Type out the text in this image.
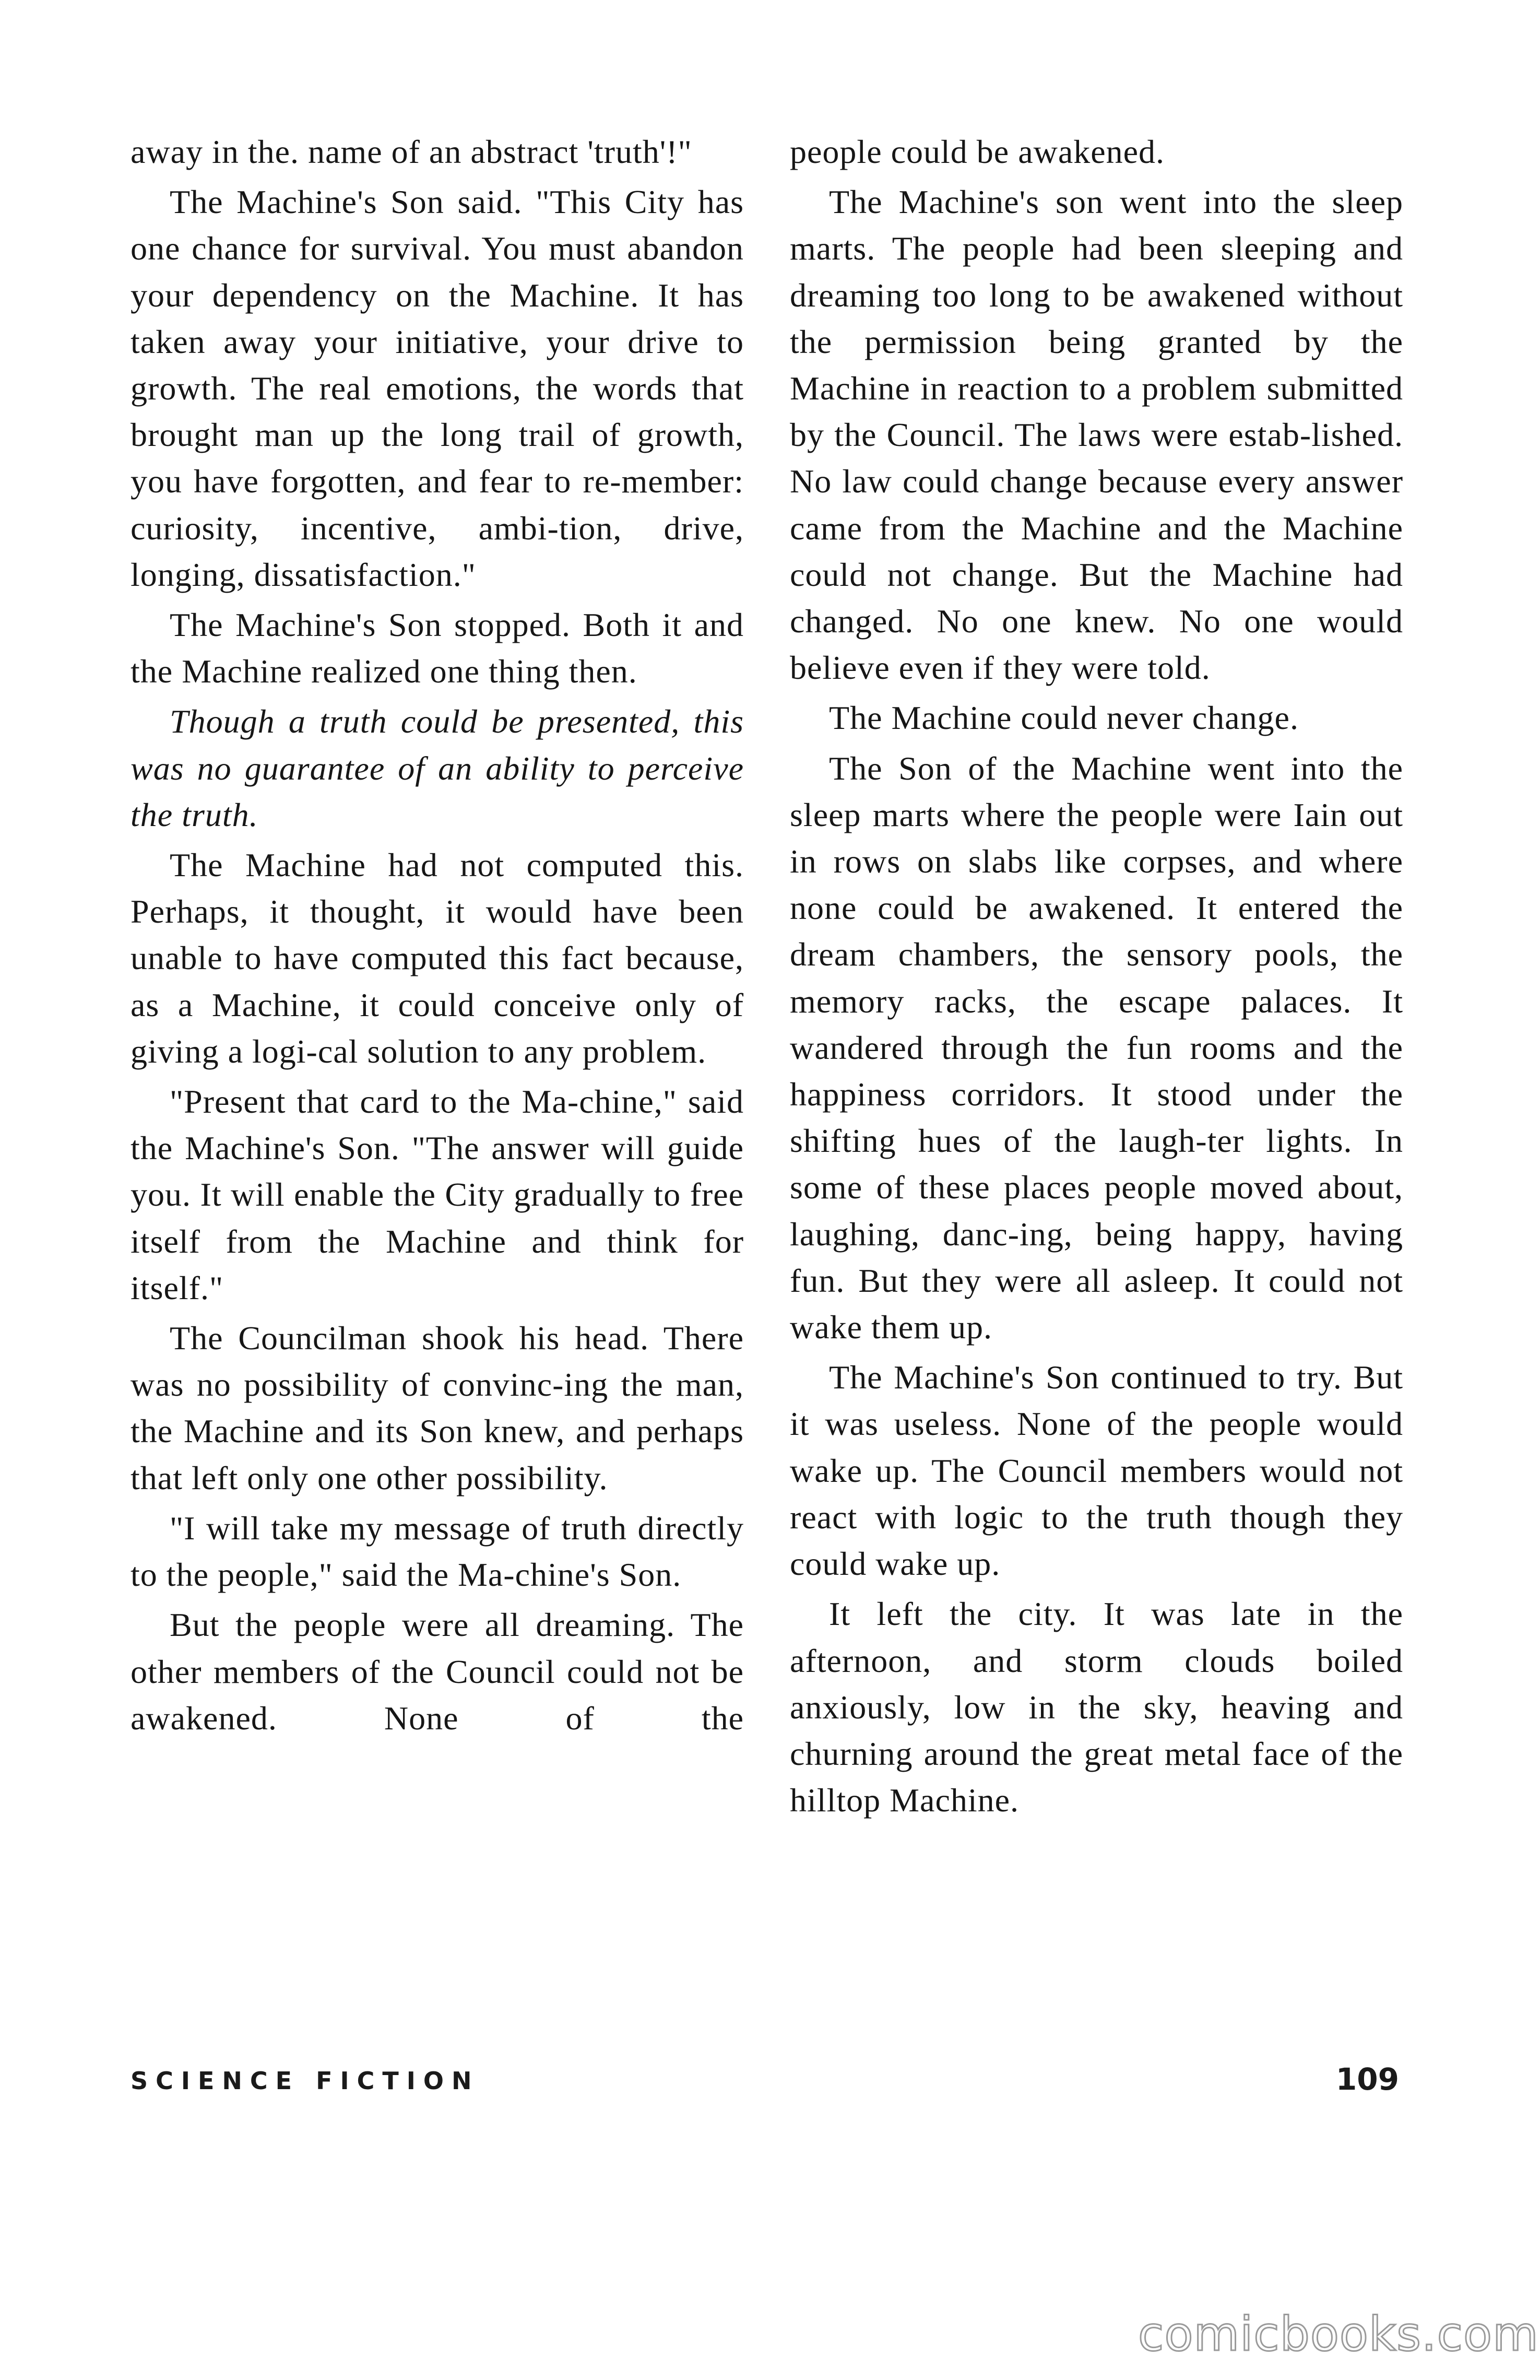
away in the. name of an abstract 'truth'!"

The Machine's Son said. "This City has one chance for survival. You must abandon your dependency on the Machine. It has taken away your initiative, your drive to growth. The real emotions, the words that brought man up the long trail of growth, you have forgotten, and fear to re-member: curiosity, incentive, ambi-tion, drive, longing, dissatisfaction."

The Machine's Son stopped. Both it and the Machine realized one thing then.

Though a truth could be presented, this was no guarantee of an ability to perceive the truth.

The Machine had not computed this. Perhaps, it thought, it would have been unable to have computed this fact because, as a Machine, it could conceive only of giving a logi-cal solution to any problem.

"Present that card to the Ma-chine," said the Machine's Son. "The answer will guide you. It will enable the City gradually to free itself from the Machine and think for itself."

The Councilman shook his head. There was no possibility of convinc-ing the man, the Machine and its Son knew, and perhaps that left only one other possibility.

"I will take my message of truth directly to the people," said the Ma-chine's Son.

But the people were all dreaming. The other members of the Council could not be awakened. None of the

people could be awakened.

The Machine's son went into the sleep marts. The people had been sleeping and dreaming too long to be awakened without the permission being granted by the Machine in reaction to a problem submitted by the Council. The laws were estab-lished. No law could change because every answer came from the Machine and the Machine could not change. But the Machine had changed. No one knew. No one would believe even if they were told.

The Machine could never change.

The Son of the Machine went into the sleep marts where the people were Iain out in rows on slabs like corpses, and where none could be awakened. It entered the dream chambers, the sensory pools, the memory racks, the escape palaces. It wandered through the fun rooms and the happiness corridors. It stood under the shifting hues of the laugh-ter lights. In some of these places people moved about, laughing, danc-ing, being happy, having fun. But they were all asleep. It could not wake them up.

The Machine's Son continued to try. But it was useless. None of the people would wake up. The Council members would not react with logic to the truth though they could wake up.

It left the city. It was late in the afternoon, and storm clouds boiled anxiously, low in the sky, heaving and churning around the great metal face of the hilltop Machine.

SCIENCE FICTION	109
comicbooks.com
